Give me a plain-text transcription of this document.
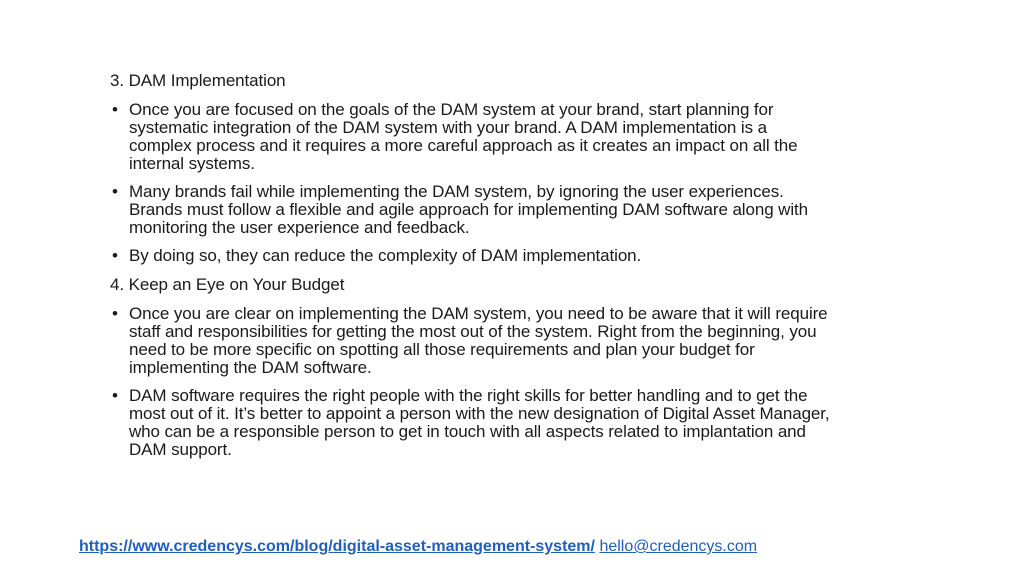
3. DAM Implementation
• Once you are focused on the goals of the DAM system at your brand, start planning for systematic integration of the DAM system with your brand. A DAM implementation is a complex process and it requires a more careful approach as it creates an impact on all the internal systems.
• Many brands fail while implementing the DAM system, by ignoring the user experiences. Brands must follow a flexible and agile approach for implementing DAM software along with monitoring the user experience and feedback.
• By doing so, they can reduce the complexity of DAM implementation.
4. Keep an Eye on Your Budget
• Once you are clear on implementing the DAM system, you need to be aware that it will require staff and responsibilities for getting the most out of the system. Right from the beginning, you need to be more specific on spotting all those requirements and plan your budget for implementing the DAM software.
• DAM software requires the right people with the right skills for better handling and to get the most out of it. It’s better to appoint a person with the new designation of Digital Asset Manager, who can be a responsible person to get in touch with all aspects related to implantation and DAM support.
https://www.credencys.com/blog/digital-asset-management-system/ hello@credencys.com
